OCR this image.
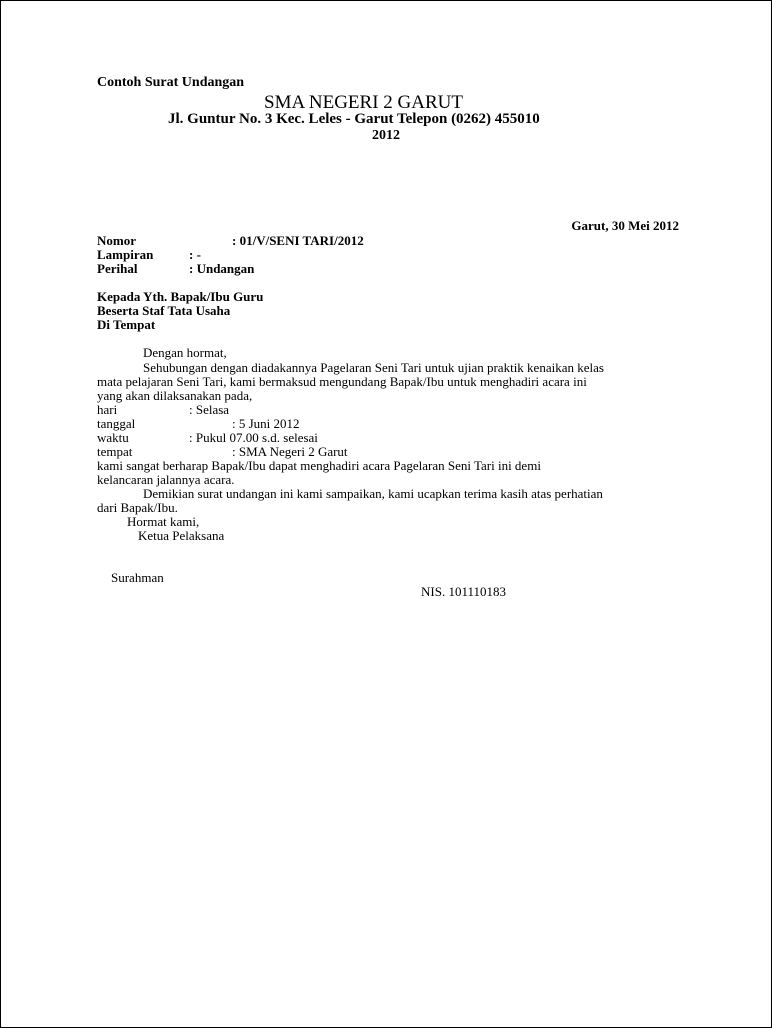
Contoh Surat Undangan
SMA NEGERI 2 GARUT
Jl. Guntur No. 3 Kec. Leles - Garut Telepon (0262) 455010
2012
Garut, 30 Mei 2012
Nomor	: 01/V/SENI TARI/2012
Lampiran	: -
Perihal	: Undangan
Kepada Yth. Bapak/Ibu Guru
Beserta Staf Tata Usaha
Di Tempat
Dengan hormat,
Sehubungan dengan diadakannya Pagelaran Seni Tari untuk ujian praktik kenaikan kelas
mata pelajaran Seni Tari, kami bermaksud mengundang Bapak/Ibu untuk menghadiri acara ini
yang akan dilaksanakan pada,
hari	: Selasa
tanggal	: 5 Juni 2012
waktu	: Pukul 07.00 s.d. selesai
tempat	: SMA Negeri 2 Garut
kami sangat berharap Bapak/Ibu dapat menghadiri acara Pagelaran Seni Tari ini demi
kelancaran jalannya acara.
Demikian surat undangan ini kami sampaikan, kami ucapkan terima kasih atas perhatian
dari Bapak/Ibu.
Hormat kami,
Ketua Pelaksana
Surahman
NIS. 101110183
